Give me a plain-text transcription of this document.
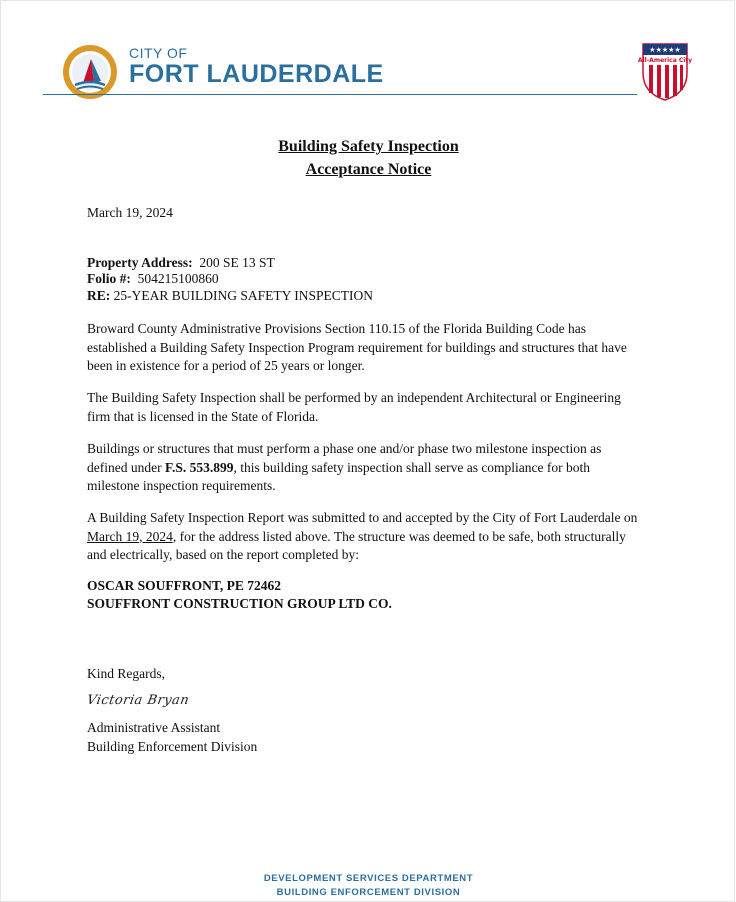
CITY OF
FORT LAUDERDALE
★★★★★
All-America City
Building Safety Inspection
Acceptance Notice
March 19, 2024
Property Address: 200 SE 13 ST
Folio #: 504215100860
RE: 25-YEAR BUILDING SAFETY INSPECTION

Broward County Administrative Provisions Section 110.15 of the Florida Building Code has established a Building Safety Inspection Program requirement for buildings and structures that have been in existence for a period of 25 years or longer.

The Building Safety Inspection shall be performed by an independent Architectural or Engineering firm that is licensed in the State of Florida.

Buildings or structures that must perform a phase one and/or phase two milestone inspection as defined under F.S. 553.899, this building safety inspection shall serve as compliance for both milestone inspection requirements.

A Building Safety Inspection Report was submitted to and accepted by the City of Fort Lauderdale on March 19, 2024, for the address listed above. The structure was deemed to be safe, both structurally and electrically, based on the report completed by:

OSCAR SOUFFRONT, PE 72462
SOUFFRONT CONSTRUCTION GROUP LTD CO.
Kind Regards,
Victoria Bryan
Administrative Assistant
Building Enforcement Division
DEVELOPMENT SERVICES DEPARTMENT
BUILDING ENFORCEMENT DIVISION
